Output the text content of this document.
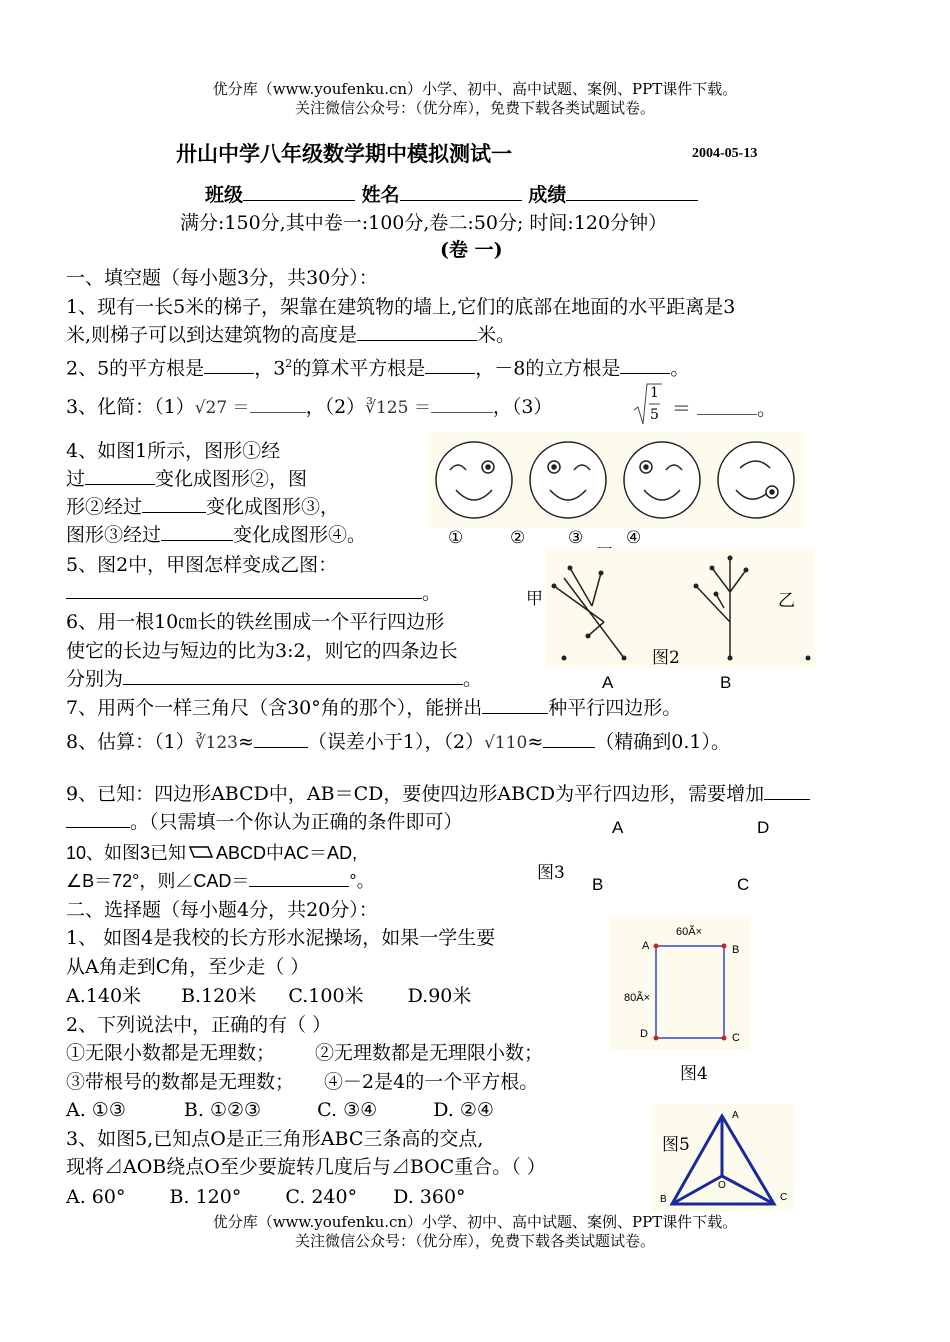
优分库（www.youfenku.cn）小学、初中、高中试题、案例、PPT课件下载。
关注微信公众号：（优分库），免费下载各类试题试卷。
卅山中学八年级数学期中模拟测试一	2004-05-13
班级	姓名	成绩
满分:150分,其中卷一:100分,卷二:50分; 时间:120分钟）
(卷 一)
一、填空题（每小题3分，共30分）：
1、现有一长5米的梯子，架靠在建筑物的墙上,它们的底部在地面的水平距离是3
米,则梯子可以到达建筑物的高度是	米。
2、5的平方根是	，$3^2$的算术平方根是	，－8的立方根是	。
3、化简：（1）√27 ＝	，（2）∛125 ＝	，（3）
1
5 ＝	。
4、如图1所示，图形①经
过	变化成图形②，图
形②经过	变化成图形③，
图形③经过	变化成图形④。	①	②	③	④
5、图2中，甲图怎样变成乙图：
。	甲	乙
图2
A	B
6、用一根10㎝长的铁丝围成一个平行四边形
使它的长边与短边的比为3:2，则它的四条边长
分别为	。
7、用两个一样三角尺（含30°角的那个），能拼出	种平行四边形。
8、估算：（1）∛123≈	（误差小于1），（2）√110≈	（精确到0.1）。
9、已知：四边形ABCD中，AB＝CD，要使四边形ABCD为平行四边形，需要增加
。（只需填一个你认为正确的条件即可）	A	D
图3
B	C
10、如图3已知 ABCD中AC＝AD,
∠B＝72°，则∠CAD＝	°。
二、选择题（每小题4分，共20分）：
1、 如图4是我校的长方形水泥操场，如果一学生要
从A角走到C角，至少走（ ）
A.140米 B.120米 C.100米 D.90米
60Ã×
80Ã×
A	B
C
D
图4
2、下列说法中，正确的有（ ）
①无限小数都是无理数； ②无理数都是无理限小数；
③带根号的数都是无理数； ④－2是4的一个平方根。
A. ①③	B. ①②③	C. ③④	D. ②④
3、如图5,已知点O是正三角形ABC三条高的交点,
现将⊿AOB绕点O至少要旋转几度后与⊿BOC重合。（ ）
A. 60° B. 120° C. 240° D. 360°
图5
A
B	C
O
优分库（www.youfenku.cn）小学、初中、高中试题、案例、PPT课件下载。
关注微信公众号：（优分库），免费下载各类试题试卷。
